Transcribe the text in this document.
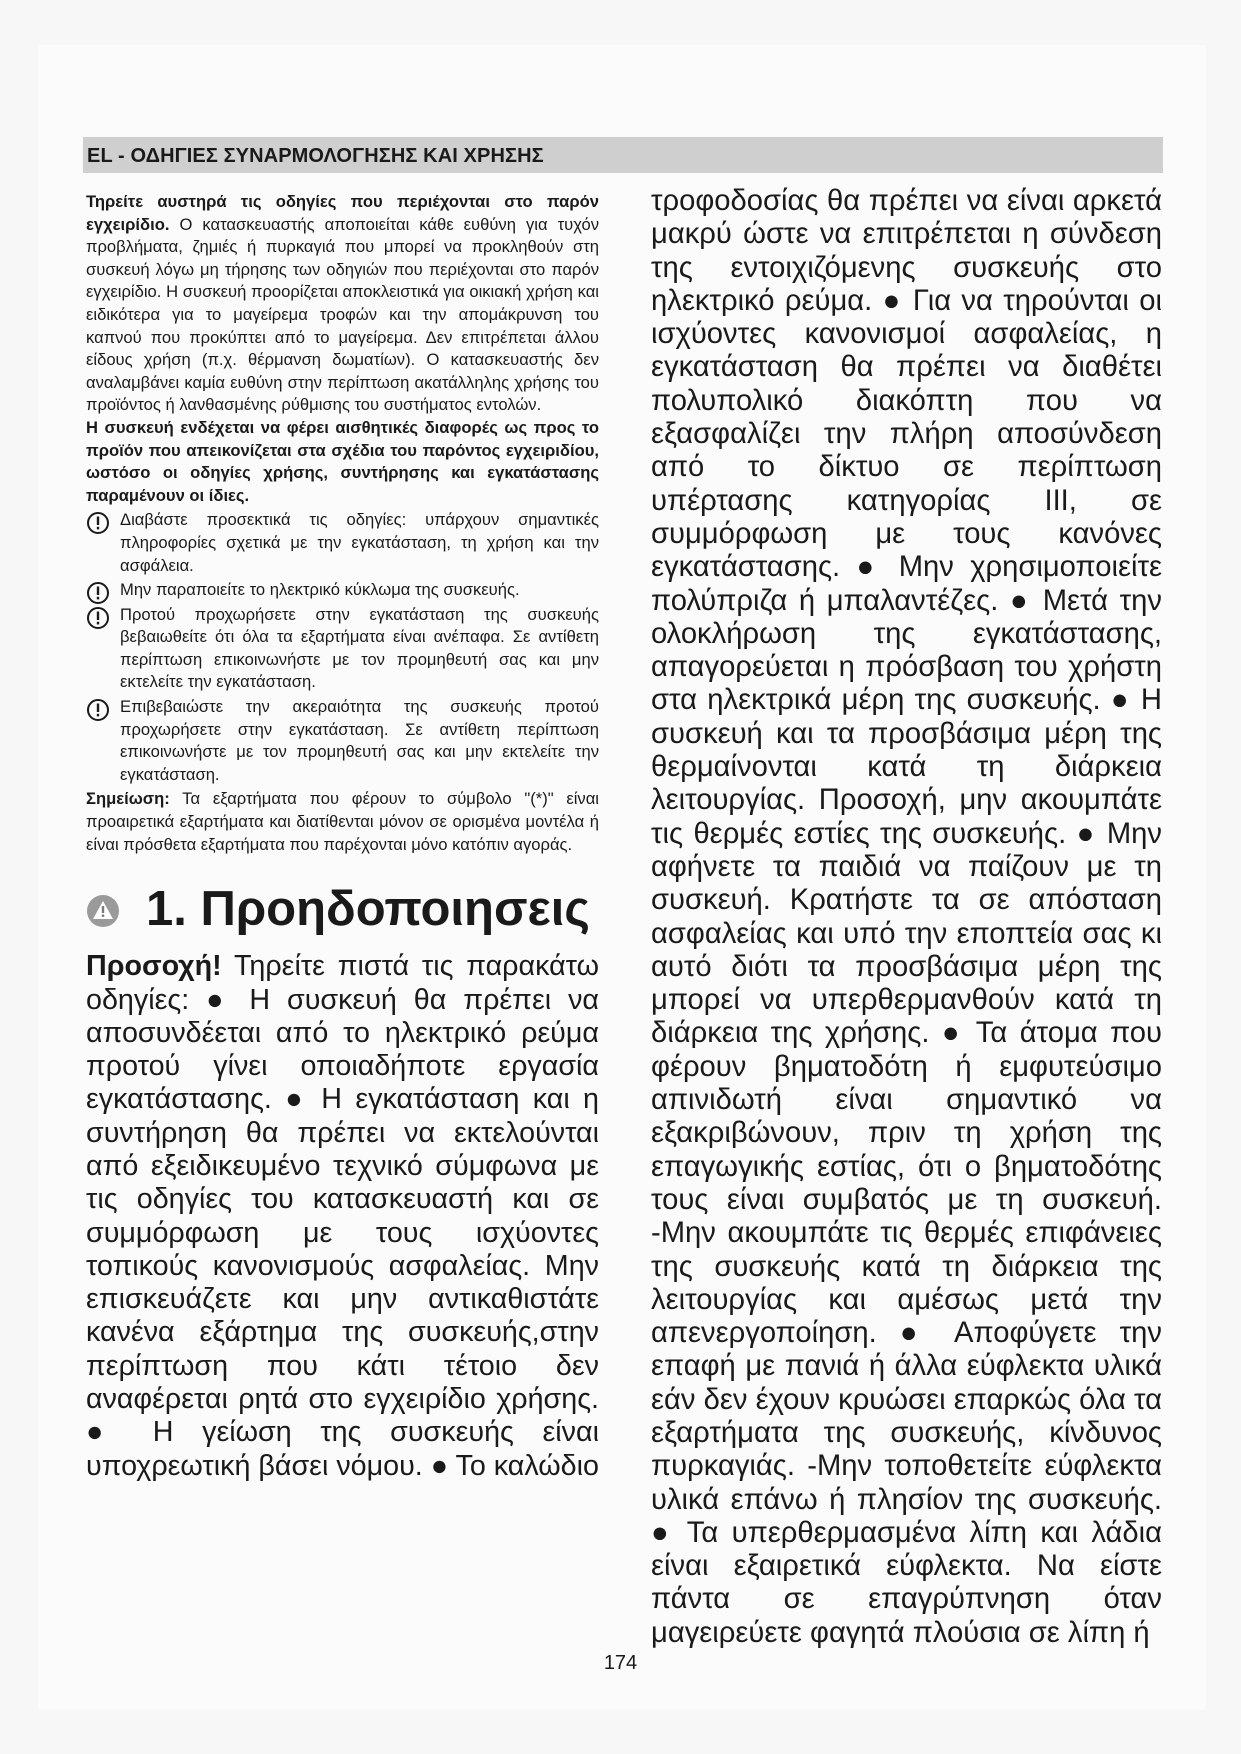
EL - ΟΔΗΓΙΕΣ ΣΥΝΑΡΜΟΛΟΓΗΣΗΣ ΚΑΙ ΧΡΗΣΗΣ

Τηρείτε αυστηρά τις οδηγίες που περιέχονται στο παρόν εγχειρίδιο. Ο κατασκευαστής αποποιείται κάθε ευθύνη για τυχόν προβλήματα, ζημιές ή πυρκαγιά που μπορεί να προκληθούν στη συσκευή λόγω μη τήρησης των οδηγιών που περιέχονται στο παρόν εγχειρίδιο. Η συσκευή προορίζεται αποκλειστικά για οικιακή χρήση και ειδικότερα για το μαγείρεμα τροφών και την απομάκρυνση του καπνού που προκύπτει από το μαγείρεμα. Δεν επιτρέπεται άλλου είδους χρήση (π.χ. θέρμανση δωματίων). Ο κατασκευαστής δεν αναλαμβάνει καμία ευθύνη στην περίπτωση ακατάλληλης χρήσης του προϊόντος ή λανθασμένης ρύθμισης του συστήματος εντολών.

Η συσκευή ενδέχεται να φέρει αισθητικές διαφορές ως προς το προϊόν που απεικονίζεται στα σχέδια του παρόντος εγχειριδίου, ωστόσο οι οδηγίες χρήσης, συντήρησης και εγκατάστασης παραμένουν οι ίδιες.

Διαβάστε προσεκτικά τις οδηγίες: υπάρχουν σημαντικές πληροφορίες σχετικά με την εγκατάσταση, τη χρήση και την ασφάλεια.

Μην παραποιείτε το ηλεκτρικό κύκλωμα της συσκευής.

Προτού προχωρήσετε στην εγκατάσταση της συσκευής βεβαιωθείτε ότι όλα τα εξαρτήματα είναι ανέπαφα. Σε αντίθετη περίπτωση επικοινωνήστε με τον προμηθευτή σας και μην εκτελείτε την εγκατάσταση.

Επιβεβαιώστε την ακεραιότητα της συσκευής προτού προχωρήσετε στην εγκατάσταση. Σε αντίθετη περίπτωση επικοινωνήστε με τον προμηθευτή σας και μην εκτελείτε την εγκατάσταση.

Σημείωση: Τα εξαρτήματα που φέρουν το σύμβολο "(*)" είναι προαιρετικά εξαρτήματα και διατίθενται μόνον σε ορισμένα μοντέλα ή είναι πρόσθετα εξαρτήματα που παρέχονται μόνο κατόπιν αγοράς.

1. Προηδοποιησεις

Προσοχή! Τηρείτε πιστά τις παρακάτω οδηγίες: ● Η συσκευή θα πρέπει να αποσυνδέεται από το ηλεκτρικό ρεύμα προτού γίνει οποιαδήποτε εργασία εγκατάστασης. ● Η εγκατάσταση και η συντήρηση θα πρέπει να εκτελούνται από εξειδικευμένο τεχνικό σύμφωνα με τις οδηγίες του κατασκευαστή και σε συμμόρφωση με τους ισχύοντες τοπικούς κανονισμούς ασφαλείας. Μην επισκευάζετε και μην αντικαθιστάτε κανένα εξάρτημα της συσκευής,στην περίπτωση που κάτι τέτοιο δεν αναφέρεται ρητά στο εγχειρίδιο χρήσης. ● Η γείωση της συσκευής είναι υποχρεωτική βάσει νόμου. ● Το καλώδιο

τροφοδοσίας θα πρέπει να είναι αρκετά μακρύ ώστε να επιτρέπεται η σύνδεση της εντοιχιζόμενης συσκευής στο ηλεκτρικό ρεύμα. ● Για να τηρούνται οι ισχύοντες κανονισμοί ασφαλείας, η εγκατάσταση θα πρέπει να διαθέτει πολυπολικό διακόπτη που να εξασφαλίζει την πλήρη αποσύνδεση από το δίκτυο σε περίπτωση υπέρτασης κατηγορίας III, σε συμμόρφωση με τους κανόνες εγκατάστασης. ● Μην χρησιμοποιείτε πολύπριζα ή μπαλαντέζες. ● Μετά την ολοκλήρωση της εγκατάστασης, απαγορεύεται η πρόσβαση του χρήστη στα ηλεκτρικά μέρη της συσκευής. ● Η συσκευή και τα προσβάσιμα μέρη της θερμαίνονται κατά τη διάρκεια λειτουργίας. Προσοχή, μην ακουμπάτε τις θερμές εστίες της συσκευής. ● Μην αφήνετε τα παιδιά να παίζουν με τη συσκευή. Κρατήστε τα σε απόσταση ασφαλείας και υπό την εποπτεία σας κι αυτό διότι τα προσβάσιμα μέρη της μπορεί να υπερθερμανθούν κατά τη διάρκεια της χρήσης. ● Τα άτομα που φέρουν βηματοδότη ή εμφυτεύσιμο απινιδωτή είναι σημαντικό να εξακριβώνουν, πριν τη χρήση της επαγωγικής εστίας, ότι ο βηματοδότης τους είναι συμβατός με τη συσκευή. -Μην ακουμπάτε τις θερμές επιφάνειες της συσκευής κατά τη διάρκεια της λειτουργίας και αμέσως μετά την απενεργοποίηση. ● Αποφύγετε την επαφή με πανιά ή άλλα εύφλεκτα υλικά εάν δεν έχουν κρυώσει επαρκώς όλα τα εξαρτήματα της συσκευής, κίνδυνος πυρκαγιάς. -Μην τοποθετείτε εύφλεκτα υλικά επάνω ή πλησίον της συσκευής. ● Τα υπερθερμασμένα λίπη και λάδια είναι εξαιρετικά εύφλεκτα. Να είστε πάντα σε επαγρύπνηση όταν μαγειρεύετε φαγητά πλούσια σε λίπη ή

174
